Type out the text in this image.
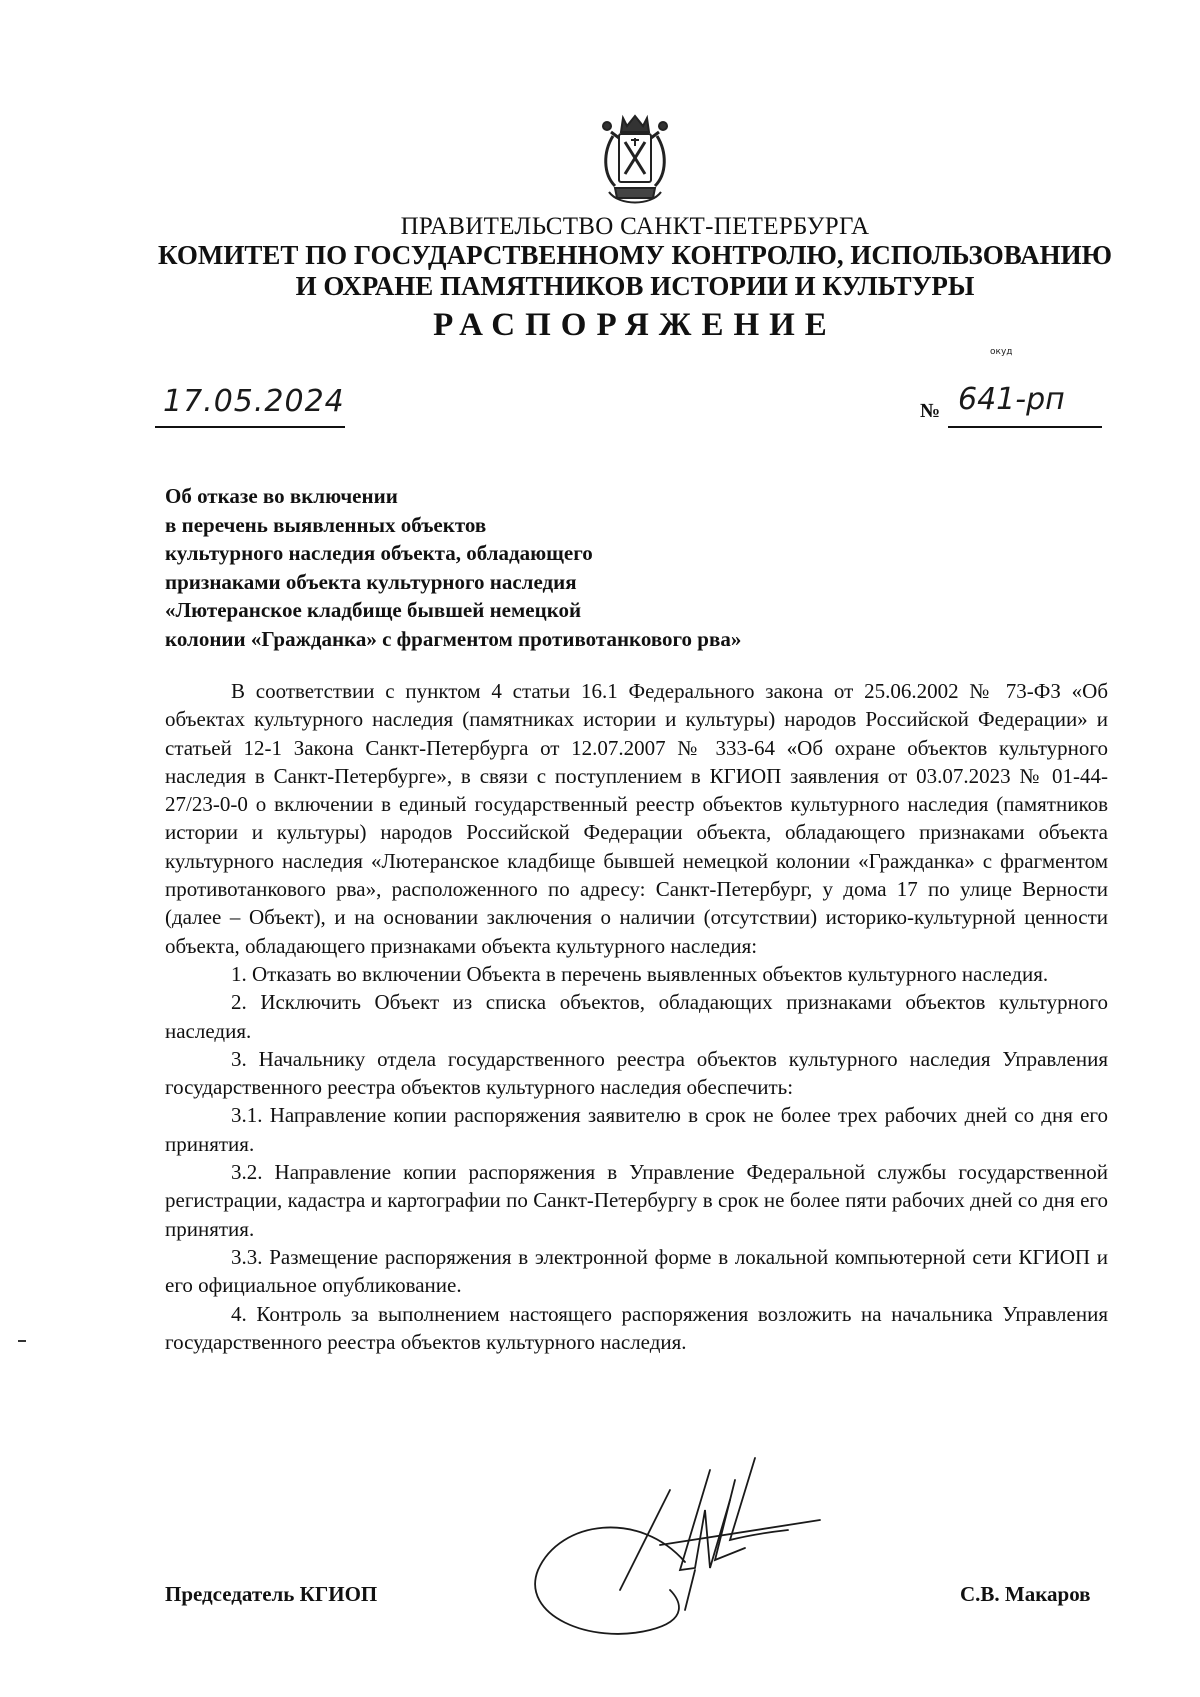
ПРАВИТЕЛЬСТВО САНКТ-ПЕТЕРБУРГА
КОМИТЕТ ПО ГОСУДАРСТВЕННОМУ КОНТРОЛЮ, ИСПОЛЬЗОВАНИЮ
И ОХРАНЕ ПАМЯТНИКОВ ИСТОРИИ И КУЛЬТУРЫ
РАСПОРЯЖЕНИЕ
окуд
17.05.2024	№ 641-рп
Об отказе во включении
в перечень выявленных объектов
культурного наследия объекта, обладающего
признаками объекта культурного наследия
«Лютеранское кладбище бывшей немецкой
колонии «Гражданка» с фрагментом противотанкового рва»

В соответствии с пунктом 4 статьи 16.1 Федерального закона от 25.06.2002 № 73-ФЗ «Об объектах культурного наследия (памятниках истории и культуры) народов Российской Федерации» и статьей 12-1 Закона Санкт-Петербурга от 12.07.2007 № 333-64 «Об охране объектов культурного наследия в Санкт-Петербурге», в связи с поступлением в КГИОП заявления от 03.07.2023 № 01-44-27/23-0-0 о включении в единый государственный реестр объектов культурного наследия (памятников истории и культуры) народов Российской Федерации объекта, обладающего признаками объекта культурного наследия «Лютеранское кладбище бывшей немецкой колонии «Гражданка» с фрагментом противотанкового рва», расположенного по адресу: Санкт-Петербург, у дома 17 по улице Верности (далее – Объект), и на основании заключения о наличии (отсутствии) историко-культурной ценности объекта, обладающего признаками объекта культурного наследия:

1. Отказать во включении Объекта в перечень выявленных объектов культурного наследия.

2. Исключить Объект из списка объектов, обладающих признаками объектов культурного наследия.

3. Начальнику отдела государственного реестра объектов культурного наследия Управления государственного реестра объектов культурного наследия обеспечить:

3.1. Направление копии распоряжения заявителю в срок не более трех рабочих дней со дня его принятия.

3.2. Направление копии распоряжения в Управление Федеральной службы государственной регистрации, кадастра и картографии по Санкт-Петербургу в срок не более пяти рабочих дней со дня его принятия.

3.3. Размещение распоряжения в электронной форме в локальной компьютерной сети КГИОП и его официальное опубликование.

4. Контроль за выполнением настоящего распоряжения возложить на начальника Управления государственного реестра объектов культурного наследия.

Председатель КГИОП	С.В. Макаров
